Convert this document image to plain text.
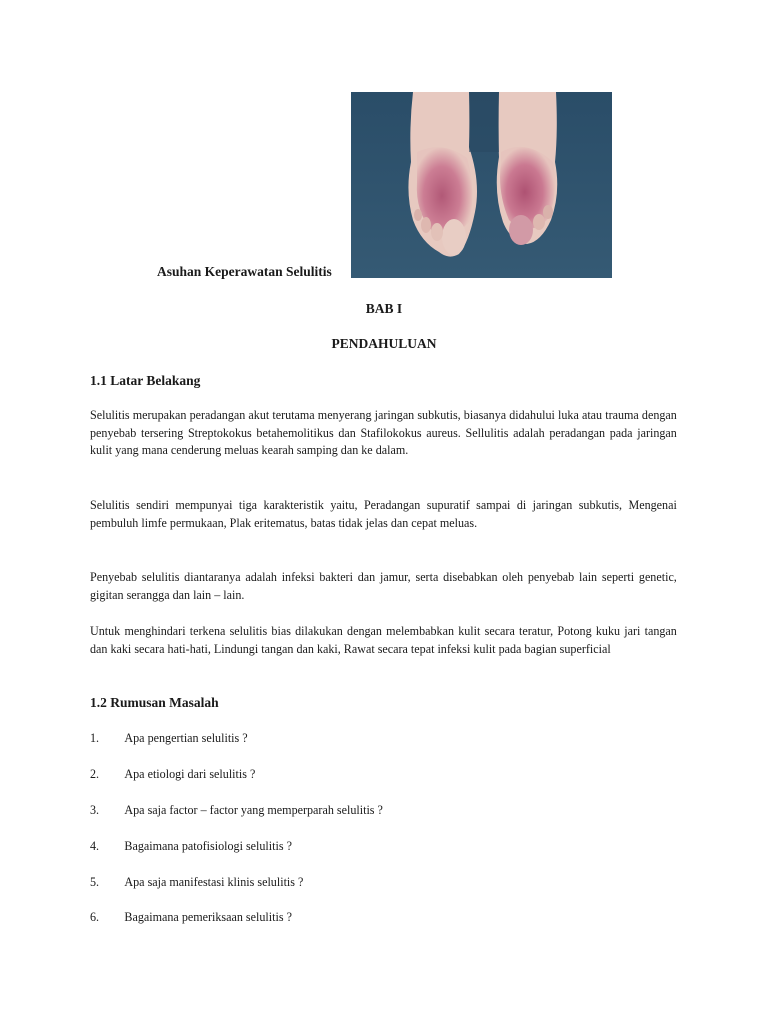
Asuhan Keperawatan Selulitis
BAB I
PENDAHULUAN
1.1 Latar Belakang
Selulitis merupakan peradangan akut terutama menyerang jaringan subkutis, biasanya didahului luka atau trauma dengan penyebab tersering Streptokokus betahemolitikus dan Stafilokokus aureus. Sellulitis adalah peradangan pada jaringan kulit yang mana cenderung meluas kearah samping dan ke dalam.
Selulitis sendiri mempunyai tiga karakteristik yaitu, Peradangan supuratif sampai di jaringan subkutis, Mengenai pembuluh limfe permukaan, Plak eritematus, batas tidak jelas dan cepat meluas.
Penyebab selulitis diantaranya adalah infeksi bakteri dan jamur, serta disebabkan oleh penyebab lain seperti genetic, gigitan serangga dan lain – lain.
Untuk menghindari terkena selulitis bias dilakukan dengan melembabkan kulit secara teratur, Potong kuku jari tangan dan kaki secara hati-hati, Lindungi tangan dan kaki, Rawat secara tepat infeksi kulit pada bagian superficial
1.2 Rumusan Masalah
1. Apa pengertian selulitis ?
2. Apa etiologi dari selulitis ?
3. Apa saja factor – factor yang memperparah selulitis ?
4. Bagaimana patofisiologi selulitis ?
5. Apa saja manifestasi klinis selulitis ?
6. Bagaimana pemeriksaan selulitis ?
